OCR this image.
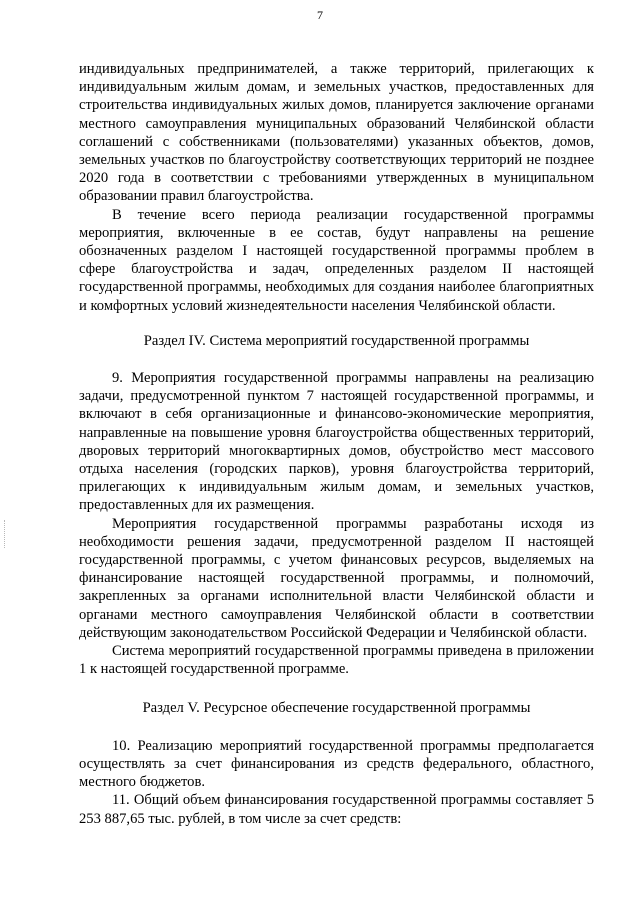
7

индивидуальных предпринимателей, а также территорий, прилегающих к индивидуальным жилым домам, и земельных участков, предоставленных для строительства индивидуальных жилых домов, планируется заключение органами местного самоуправления муниципальных образований Челябинской области соглашений с собственниками (пользователями) указанных объектов, домов, земельных участков по благоустройству соответствующих территорий не позднее 2020 года в соответствии с требованиями утвержденных в муниципальном образовании правил благоустройства.

В течение всего периода реализации государственной программы мероприятия, включенные в ее состав, будут направлены на решение обозначенных разделом I настоящей государственной программы проблем в сфере благоустройства и задач, определенных разделом II настоящей государственной программы, необходимых для создания наиболее благоприятных и комфортных условий жизнедеятельности населения Челябинской области.

Раздел IV. Система мероприятий государственной программы

9. Мероприятия государственной программы направлены на реализацию задачи, предусмотренной пунктом 7 настоящей государственной программы, и включают в себя организационные и финансово-экономические мероприятия, направленные на повышение уровня благоустройства общественных территорий, дворовых территорий многоквартирных домов, обустройство мест массового отдыха населения (городских парков), уровня благоустройства территорий, прилегающих к индивидуальным жилым домам, и земельных участков, предоставленных для их размещения.

Мероприятия государственной программы разработаны исходя из необходимости решения задачи, предусмотренной разделом II настоящей государственной программы, с учетом финансовых ресурсов, выделяемых на финансирование настоящей государственной программы, и полномочий, закрепленных за органами исполнительной власти Челябинской области и органами местного самоуправления Челябинской области в соответствии действующим законодательством Российской Федерации и Челябинской области.

Система мероприятий государственной программы приведена в приложении 1 к настоящей государственной программе.

Раздел V. Ресурсное обеспечение государственной программы

10. Реализацию мероприятий государственной программы предполагается осуществлять за счет финансирования из средств федерального, областного, местного бюджетов.

11. Общий объем финансирования государственной программы составляет 5 253 887,65 тыс. рублей, в том числе за счет средств:
